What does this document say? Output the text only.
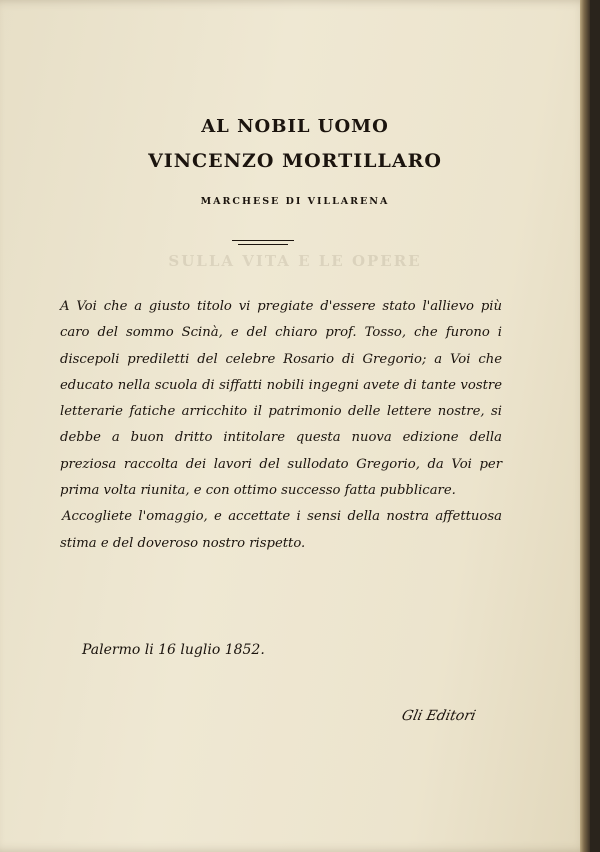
AL NOBIL UOMO
VINCENZO MORTILLARO
MARCHESE DI VILLARENA
SULLA VITA E LE OPERE

A Voi che a giusto titolo vi pregiate d'essere stato l'allievo più caro del sommo Scinà, e del chiaro prof. Tosso, che furono i discepoli prediletti del celebre Rosario di Gregorio; a Voi che educato nella scuola di siffatti nobili ingegni avete di tante vostre letterarie fatiche arricchito il patrimonio delle lettere nostre, si debbe a buon dritto intitolare questa nuova edizione della preziosa raccolta dei lavori del sullodato Gregorio, da Voi per prima volta riunita, e con ottimo successo fatta pubblicare.

Accogliete l'omaggio, e accettate i sensi della nostra affettuosa stima e del doveroso nostro rispetto.

Palermo li 16 luglio 1852.
Gli Editori
